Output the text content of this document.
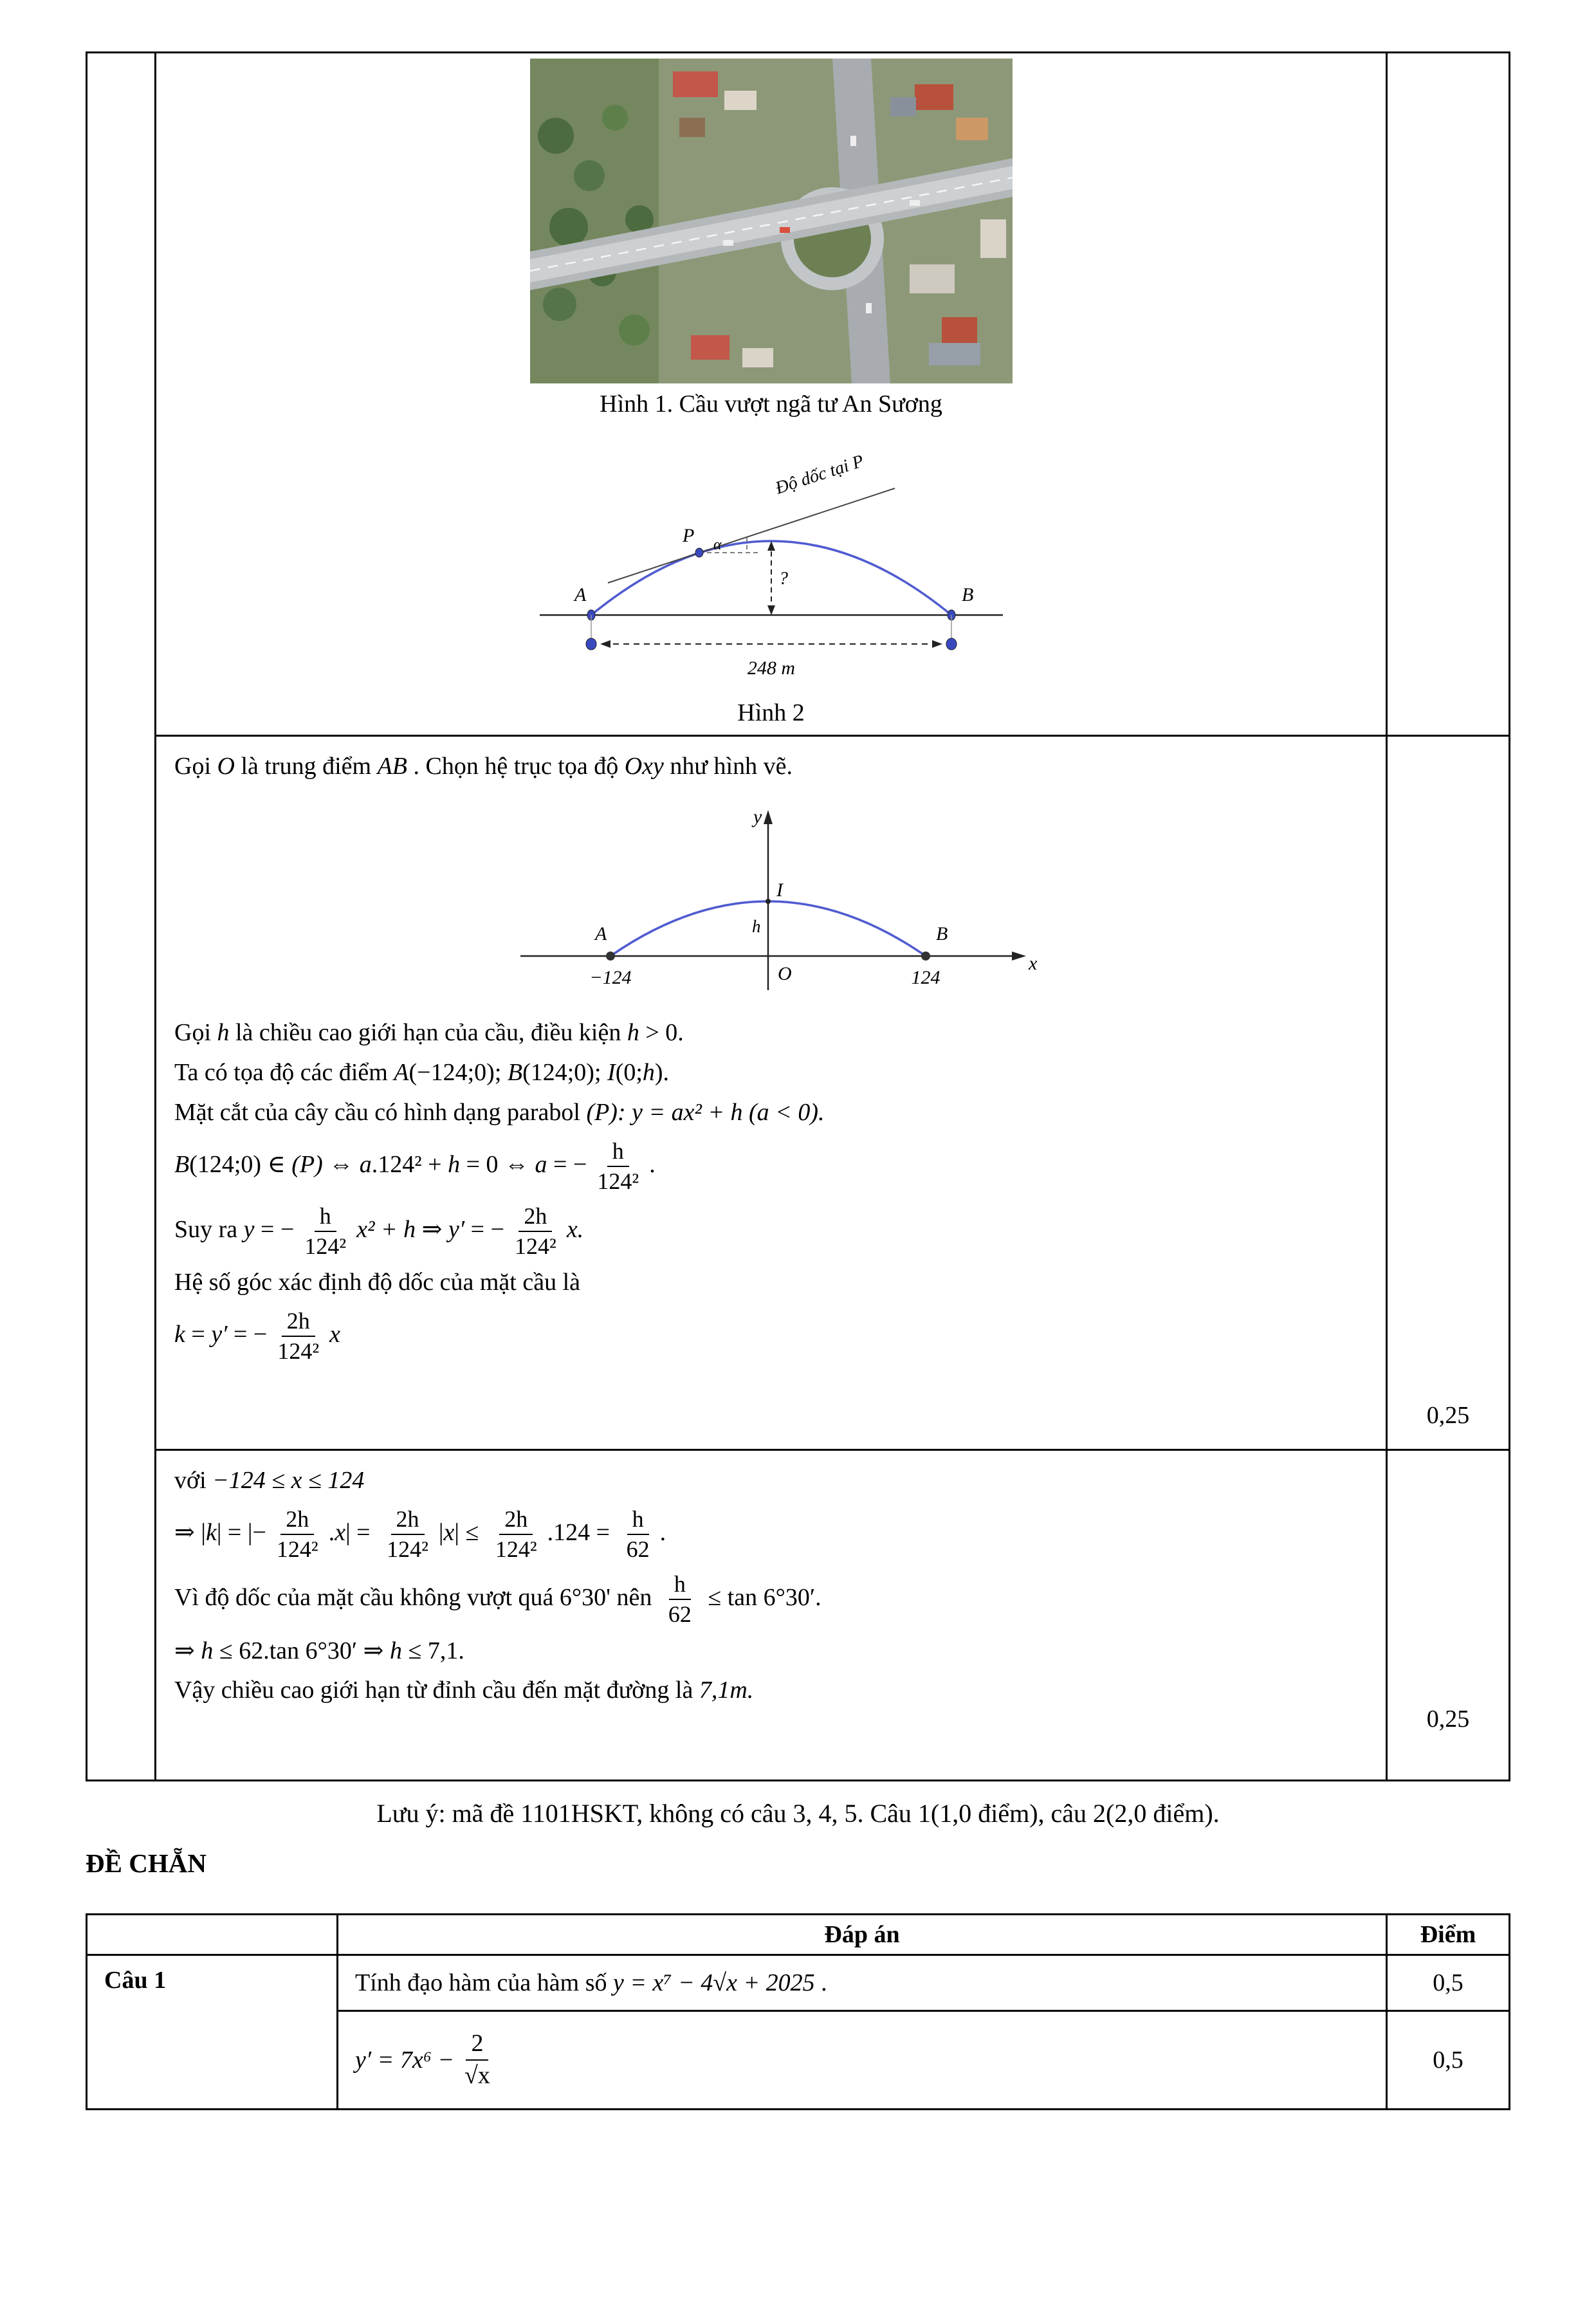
Hình 1. Cầu vượt ngã tư An Sương
Độ dốc tại P
P α
A	B
?
248 m
Hình 2
Gọi O là trung điểm AB . Chọn hệ trục tọa độ Oxy như hình vẽ.
y
x
I
h
A	B
−124	124
O
Gọi h là chiều cao giới hạn của cầu, điều kiện h > 0.
Ta có tọa độ các điểm A(−124;0); B(124;0); I(0;h).
Mặt cắt của cây cầu có hình dạng parabol (P): y = ax² + h (a < 0).
B(124;0) ∈ (P) ⇔ a.124² + h = 0 ⇔ a = − $\frac{h}{\text{124²}}$ .
Suy ra y = − $\frac{h}{\text{124²}} x^2 + h$ ⇒ y′ = − $\frac{2h}{\text{124²}} x$.
Hệ số góc xác định độ dốc của mặt cầu là
k = y′ = − $\frac{2h}{\text{124²}}$ x
0,25
với −124 ≤ x ≤ 124
⇒ |k| = |− $\frac{2h}{\text{124²}} .x| = \frac{2h}{\text{124²}} |x| \le \frac{2h}{\text{124²}} .124 = \frac{h}{62}$ .
Vì độ dốc của mặt cầu không vượt quá 6°30' nên $\frac{h}{62} \le \tan 6^\circ 30'$.
⇒ h ≤ 62.tan 6°30′ ⇒ h ≤ 7,1.
Vậy chiều cao giới hạn từ đỉnh cầu đến mặt đường là 7,1m.
0,25
Lưu ý: mã đề 1101HSKT, không có câu 3, 4, 5. Câu 1(1,0 điểm), câu 2(2,0 điểm).
ĐỀ CHẴN
Đáp án	Điểm
Câu 1	Tính đạo hàm của hàm số y = x⁷ − 4√x + 2025 .	0,5
$y' = 7x^6 - \frac{2}{√x}$	0,5
